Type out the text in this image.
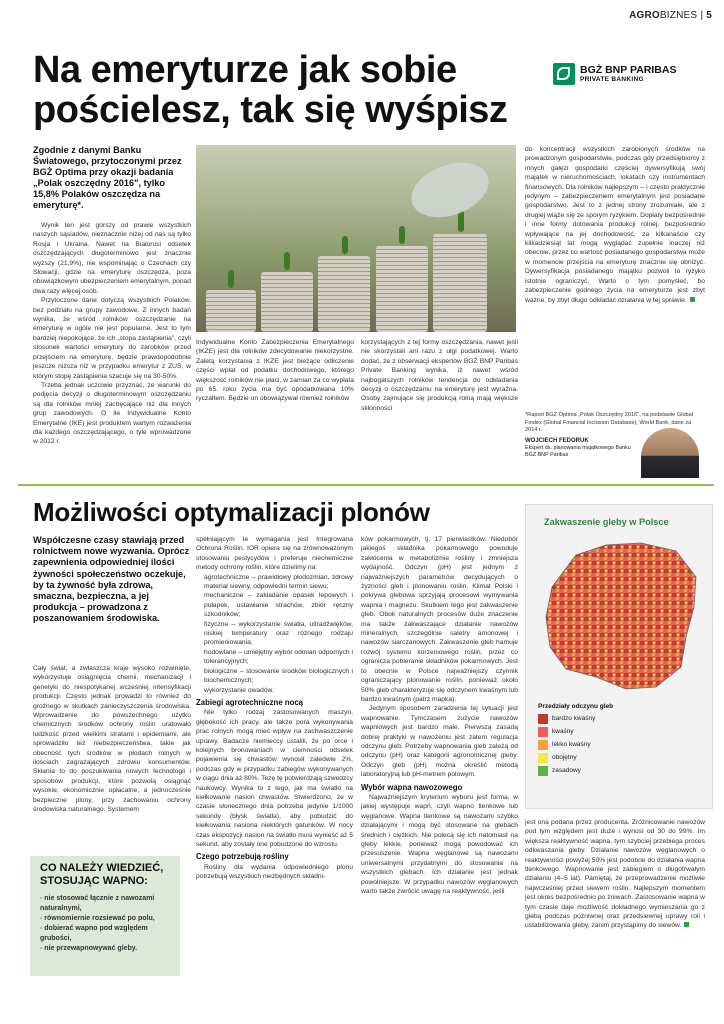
AGROBIZNES | 5
Na emeryturze jak sobie pościelesz, tak się wyśpisz
BGŻ BNP PARIBAS
PRIVATE BANKING
Zgodnie z danymi Banku Światowego, przytoczonymi przez BGŻ Optima przy okazji badania „Polak oszczędny 2016", tylko 15,8% Polaków oszczędza na emeryturę*.

Wynik ten jest gorszy od prawie wszystkich naszych sąsiadów, nieznacznie niżej od nas są tylko Rosja i Ukraina. Nawet na Białorusi odsetek oszczędzających długoterminowo jest znacznie wyższy (21,9%), nie wspominając o Czechach czy Słowacji, gdzie na emeryturę oszczędza, poza obowiązkowym ubezpieczeniem emerytalnym, ponad dwa razy więcej osób.

Przytoczone dane dotyczą wszystkich Polaków, bez podziału na grupy zawodowe. Z innych badań wynika, że wśród rolników oszczędzanie na emeryturę w ogóle nie jest popularne. Jest to tym bardziej niepokojące, że ich „stopa zastąpienia", czyli stosunek wartości emerytury do zarobków przed przejściem na emeryturę, będzie prawdopodobnie jeszcze niższa niż w przypadku emerytur z ZUS, w którym stopę zastąpienia szacuje się na 30-50%.

Trzeba jednak uczciwie przyznać, że warunki do podjęcia decyzji o długoterminowym oszczędzaniu są dla rolników mniej zachęcające niż dla innych grup zawodowych. O ile Indywidualne Konto Emerytalne (IKE) jest produktem wartym rozważenia dla każdego oszczędzającego, o tyle wprowadzone w 2012 r.

Indywidualne Konto Zabezpieczenia Emerytalnego (IKZE) jest dla rolników zdecydowanie niekorzystne. Zaletą korzystania z IKZE jest bieżące odliczenie części wpłat od podatku dochodowego, którego większość rolników nie płaci, w zamian za co wypłata po 65. roku życia ma być opodatkowana 10% ryczałtem. Będzie on obowiązywał również rolników
korzystających z tej formy oszczędzania, nawet jeśli nie skorzystali ani razu z ulgi podatkowej. Warto dodać, że z obserwacji ekspertów BGŻ BNP Paribas Private Banking wynika, iż nawet wśród najbogatszych rolników tendencja do odkładania decyzji o oszczędzaniu na emeryturę jest wyraźna. Osoby zajmujące się produkcją rolną mają większe skłonności
do koncentracji wszystkich zarobionych środków na prowadzonym gospodarstwie, podczas gdy przedsiębiorcy z innych gałęzi gospodarki częściej dywersyfikują swój majątek w nieruchomościach, lokatach czy instrumentach finansowych. Dla rolników najlepszym – i często praktycznie jedynym – zabezpieczeniem emerytalnym jest posiadane gospodarstwo. Jest to z jednej strony zrozumiałe, ale z drugiej wiąże się ze sporym ryzykiem. Dopłaty bezpośrednie i inne formy dotowania produkcji rolnej, bezpośrednio wpływające na jej dochodowość, za kilkanaście czy kilkadziesiąt lat mogą wyglądać zupełnie inaczej niż obecnie, przez co wartość posiadanego gospodarstwa może w momencie przejścia na emeryturę znacznie się obniżyć. Dywersyfikacja posiadanego majątku pozwoli to ryzyko istotnie ograniczyć. Warto o tym pomyśleć, bo zabezpieczenie godnego życia na emeryturze jest zbyt ważne, by zbyt długo odkładać działania w tej sprawie.
*Raport BGŻ Optima „Polak Oszczędny 2016", na podstawie Global Findex (Global Financial Inclusion Database), World Bank, dane za 2014 r.
WOJCIECH FEDORUK
Ekspert ds. planowania majątkowego Banku BGŻ BNP Paribas
Możliwości optymalizacji plonów
Współczesne czasy stawiają przed rolnictwem nowe wyzwania. Oprócz zapewnienia odpowiedniej ilości żywności społeczeństwo oczekuje, by ta żywność była zdrowa, smaczna, bezpieczna, a jej produkcja – prowadzona z poszanowaniem środowiska.
Cały świat, a zwłaszcza kraje wysoko rozwinięte, wykorzystuje osiągnięcia chemii, mechanizacji i genetyki do niespotykanej wcześniej intensyfikacji produkcji. Często jednak prowadzi to również do groźnego w skutkach zanieczyszczenia środowiska. Wprowadzenie do powszechnego użytku chemicznych środków ochrony roślin uratowało ludzkość przed wielkimi stratami i epidemiami, ale sprowadziło też niebezpieczeństwa, takie jak obecność tych środków w płodach rolnych w ilościach zagrażających zdrowiu konsumentów. Skłania to do poszukiwania nowych technologii i sposobów produkcji, które pozwolą osiągnąć wysokie, ekonomicznie opłacalne, a jednocześnie bezpieczne plony, przy zachowaniu ochrony środowiska naturalnego. Systemem

spełniającym te wymagania jest Integrowana Ochrona Roślin. IOR opiera się na zrównoważonym stosowaniu pestycydów i preferuje niechemiczne metody ochrony roślin, które dzielimy na:

agrotechniczne – prawidłowy płodozmian, zdrowy materiał siewny, odpowiedni termin siewu;
mechaniczne – zakładanie opasek lepowych i pułapek, ustawianie strachów, zbiór ręczny szkodników;
fizyczne – wykorzystanie światła, ultradźwięków, niskiej temperatury oraz różnego rodzaju promieniowania;
hodowlane – umiejętny wybór odmian odpornych i tolerancyjnych;
biologiczne – stosowanie środków biologicznych i biochemicznych;
wykorzystanie owadów.
Zabiegi agrotechniczne nocą

Nie tylko rodzaj zastosowanych maszyn, głębokość ich pracy, ale także pora wykonywania prac rolnych mogą mieć wpływ na zachwaszczenie uprawy. Badacze niemieccy ustalili, że po orce i kolejnych bronowaniach w ciemności odsetek pojawienia się chwastów wynosił zaledwie 2%, podczas gdy w przypadku zabiegów wykonywanych w ciągu dnia aż 80%. Tezę tę potwierdzają szwedzcy naukowcy. Wynika to z tego, jak ma światło na kiełkowanie nasion chwastów. Stwierdzono, że w czasie słonecznego dnia potrzeba jedynie 1/1000 sekundy (błysk światła), aby pobudzić do kiełkowania nasiona niektórych gatunków. W nocy czas ekspozycji nasion na światło musi wynieść aż 5 sekund, aby zostały one pobudzone do wzrostu.

Czego potrzebują rośliny

Rośliny dla wydania odpowiedniego plonu potrzebują wszystkich niezbędnych składni-

ków pokarmowych, tj. 17 pierwiastków. Niedobór jakiegoś składnika pokarmowego powoduje zakłócenia w metabolizmie rośliny i zmniejsza wydajność. Odczyn (pH) jest jednym z najważniejszych parametrów decydujących o żyzności gleb i plonowaniu roślin. Klimat Polski i pokrywa glebowa sprzyjają procesowi wymywania wapnia i magnezu. Skutkiem tego jest zakwaszenie gleb. Obok naturalnych procesów duże znaczenie ma także zakwaszające działanie nawozów mineralnych, szczególnie saletry amonowej i nawozów siarczanowych. Zakwaszenie gleb hamuje rozwój systemu korzeniowego roślin, przez co ogranicza pobieranie składników pokarmowych. Jest to obecnie w Polsce najważniejszy czynnik ograniczający plonowanie roślin, ponieważ około 50% gleb charakteryzuje się odczynem kwaśnym lub bardzo kwaśnym (patrz mapka).

Jedynym sposobem zaradzenia tej sytuacji jest wapnowanie. Tymczasem zużycie nawozów wapniowych jest bardzo małe. Pierwszą zasadą dobrej praktyki w nawożeniu jest zatem regulacja odczynu gleb. Potrzeby wapnowania gleb zależą od odczynu (pH) oraz kategorii agronomicznej gleby. Odczyn gleb (pH) można określić metodą laboratoryjną lub pH-metrem polowym.

Wybór wapna nawozowego

Najważniejszym kryterium wyboru jest forma, w jakiej występuje wapń, czyli wapno tlenkowe lub węglanowe. Wapna tlenkowe są nawozami szybko działającymi i mogą być stosowane na glebach średnich i ciężkich. Nie polecą się ich natomiast na gleby lekkie, ponieważ mogą powodować ich przesuszenie. Wapna węglanowe są nawozami uniwersalnymi przydatnymi do stosowania na wszystkich glebach. Ich działanie jest jednak powolniejsze. W przypadku nawozów węglanowych warto także zwrócić uwagę na reaktywność, jeśli

Zakwaszenie gleby w Polsce
Przedziały odczynu gleb
bardzo kwaśny
kwaśny
lekko kwaśny
obojętny
zasadowy
jest ona podana przez producenta. Zróżnicowanie nawozów pod tym względem jest duże i wynosi od 30 do 99%. Im większa reaktywność wapna, tym szybciej przebiega proces odkwaszania gleby. Działanie nawozów węglanowych o reaktywności powyżej 50% jest podobne do działania wapna tlenkowego. Wapnowanie jest zabiegiem o długotrwałym działaniu (4–5 lat). Pamiętaj, że przeprowadzenie możliwie najwcześniej przed siewem roślin. Najlepszym momentem jest okres bezpośrednio po żniwach. Zastosowanie wapna w tym czasie daje możliwość dokładnego wymieszania go z glebą podczas pożniwnej oraz przedsiewnej uprawy roli i ustabilizowania gleby, zanim przystąpimy do siewów.
CO NALEŻY WIEDZIEĆ, STOSUJĄC WAPNO:
- nie stosować łącznie z nawozami naturalnymi,
- równomiernie rozsiewać po polu,
- dobierać wapno pod względem grubości,
- nie przewapnowywać gleby.
